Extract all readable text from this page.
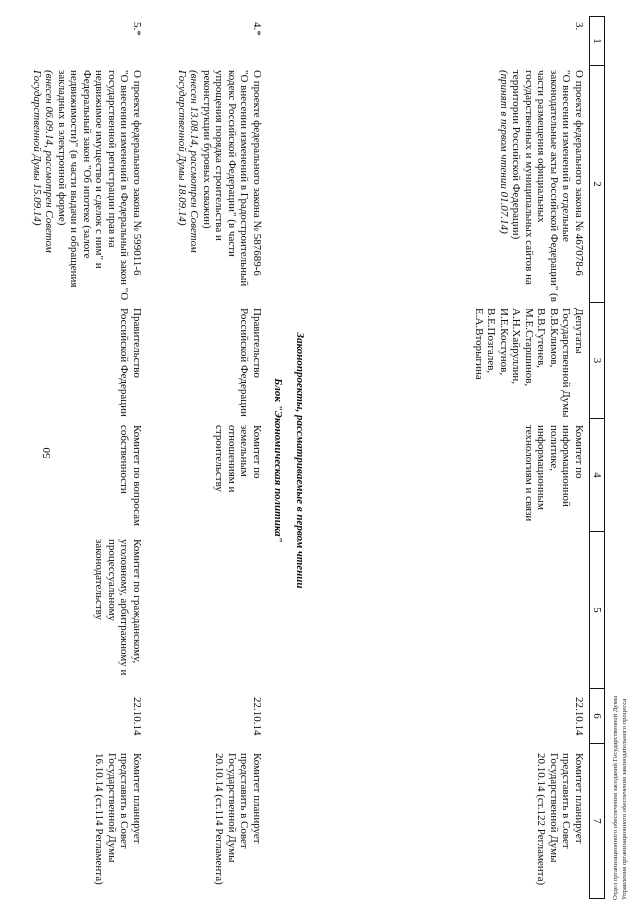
50
Отдел организационного обеспечения заседаний Государственной Думы Управления организационного обеспечения законодательного процесса
1
2
3
4
5
6
7
3.
О проекте федерального закона № 467078-6
"О внесении изменений в отдельные законодательные акты Российской Федерации" (в части размещения официальных государственных и муниципальных сайтов на территории Российской Федерации)
(принят в первом чтении 01.07.14)
Депутаты Государственной Думы В.В.Климов, В.В.Гутенев, М.Е.Старшинов, А.Н.Хайруллин, И.Е.Костунов, В.Е.Позгалев, Е.А.Вторыгина
Комитет по информационной политике, информационным технологиям и связи
22.10.14
Комитет планирует представить в Совет Государственной Думы 20.10.14 (ст.122 Регламента)
Законопроекты, рассматриваемые в первом чтении
Блок "Экономическая политика"
4.*
О проекте федерального закона № 587689-6
"О внесении изменений в Градостроительный кодекс Российской Федерации" (в части упрощения порядка строительства и реконструкции буровых скважин)
(внесен 13.08.14, рассмотрен Советом Государственной Думы 18.09.14)
Правительство Российской Федерации
Комитет по земельным отношениям и строительству
22.10.14
Комитет планирует представить в Совет Государственной Думы 20.10.14 (ст.114 Регламента)
5.*
О проекте федерального закона № 599011-6
"О внесении изменений в Федеральный закон "О государственной регистрации прав на недвижимое имущество и сделок с ним" и Федеральный закон "Об ипотеке (залоге недвижимости)" (в части выдачи и обращения закладных в электронной форме)
(внесен 06.09.14, рассмотрен Советом Государственной Думы 15.09.14)
Правительство Российской Федерации
Комитет по вопросам собственности
Комитет по гражданскому, уголовному, арбитражному и процессуальному законодательству
22.10.14
Комитет планирует представить в Совет Государственной Думы 16.10.14 (ст.114 Регламента)
